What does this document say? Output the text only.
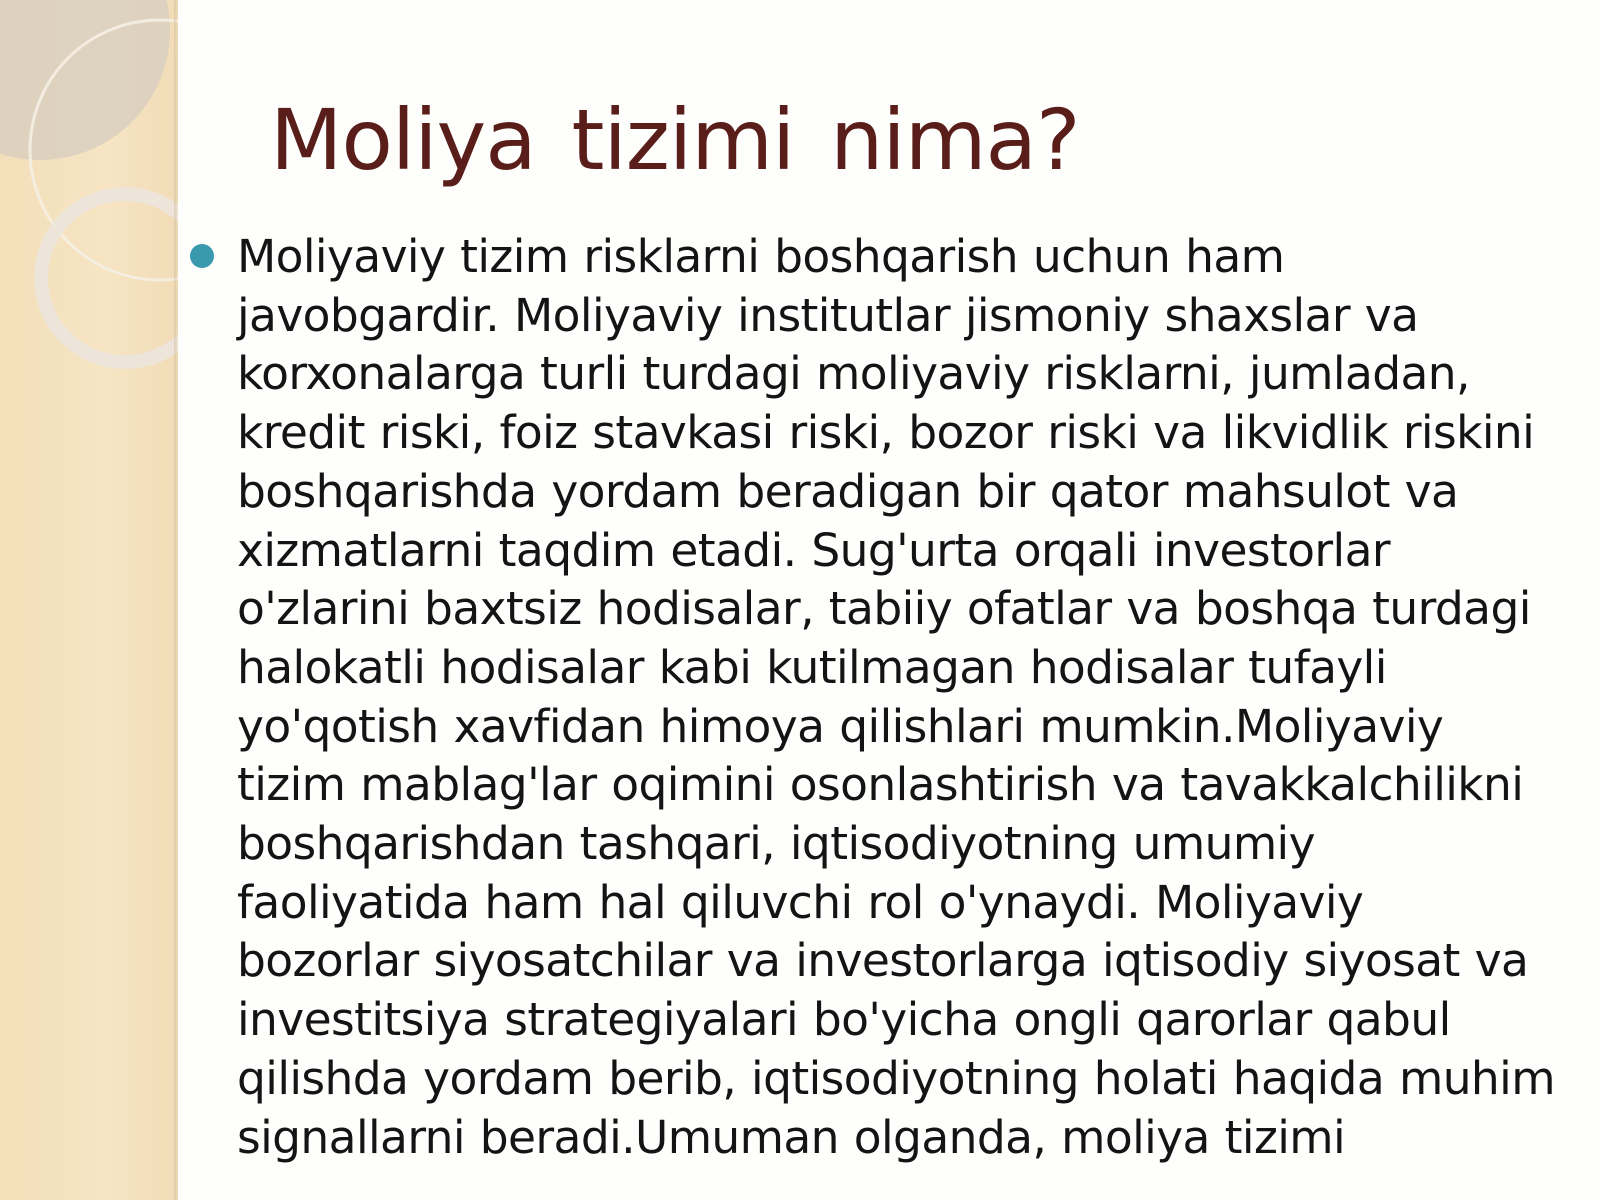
Moliya tizimi nima?

Moliyaviy tizim risklarni boshqarish uchun ham javobgardir. Moliyaviy institutlar jismoniy shaxslar va korxonalarga turli turdagi moliyaviy risklarni, jumladan, kredit riski, foiz stavkasi riski, bozor riski va likvidlik riskini boshqarishda yordam beradigan bir qator mahsulot va xizmatlarni taqdim etadi. Sug'urta orqali investorlar o'zlarini baxtsiz hodisalar, tabiiy ofatlar va boshqa turdagi halokatli hodisalar kabi kutilmagan hodisalar tufayli yo'qotish xavfidan himoya qilishlari mumkin.Moliyaviy tizim mablag'lar oqimini osonlashtirish va tavakkalchilikni boshqarishdan tashqari, iqtisodiyotning umumiy faoliyatida ham hal qiluvchi rol o'ynaydi. Moliyaviy bozorlar siyosatchilar va investorlarga iqtisodiy siyosat va investitsiya strategiyalari bo'yicha ongli qarorlar qabul qilishda yordam berib, iqtisodiyotning holati haqida muhim signallarni beradi.Umuman olganda, moliya tizimi
